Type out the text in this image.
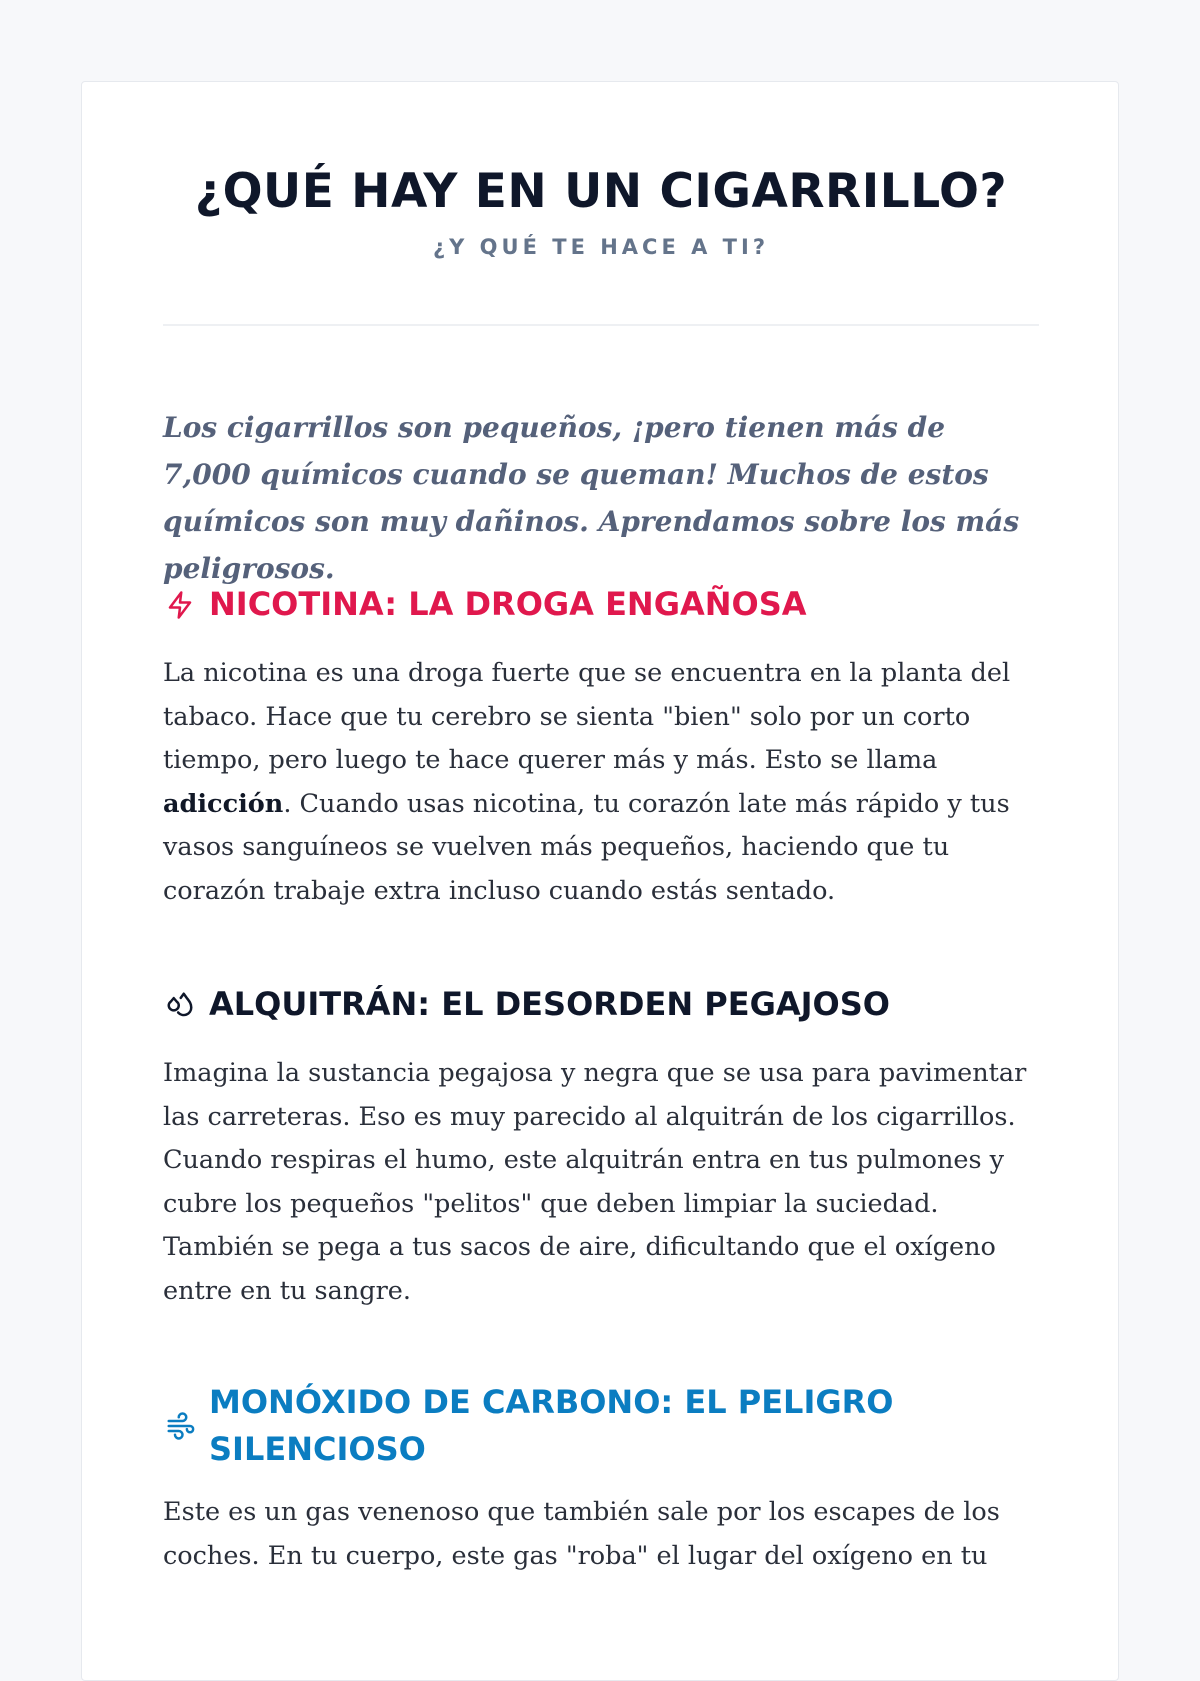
¿QUÉ HAY EN UN CIGARRILLO?
¿Y QUÉ TE HACE A TI?

Los cigarrillos son pequeños, ¡pero tienen más de 7,000 químicos cuando se queman! Muchos de estos químicos son muy dañinos. Aprendamos sobre los más peligrosos.

NICOTINA: LA DROGA ENGAÑOSA

La nicotina es una droga fuerte que se encuentra en la planta del tabaco. Hace que tu cerebro se sienta "bien" solo por un corto tiempo, pero luego te hace querer más y más. Esto se llama adicción. Cuando usas nicotina, tu corazón late más rápido y tus vasos sanguíneos se vuelven más pequeños, haciendo que tu corazón trabaje extra incluso cuando estás sentado.

ALQUITRÁN: EL DESORDEN PEGAJOSO

Imagina la sustancia pegajosa y negra que se usa para pavimentar las carreteras. Eso es muy parecido al alquitrán de los cigarrillos. Cuando respiras el humo, este alquitrán entra en tus pulmones y cubre los pequeños "pelitos" que deben limpiar la suciedad. También se pega a tus sacos de aire, dificultando que el oxígeno entre en tu sangre.

MONÓXIDO DE CARBONO: EL PELIGRO SILENCIOSO

Este es un gas venenoso que también sale por los escapes de los coches. En tu cuerpo, este gas "roba" el lugar del oxígeno en tu
